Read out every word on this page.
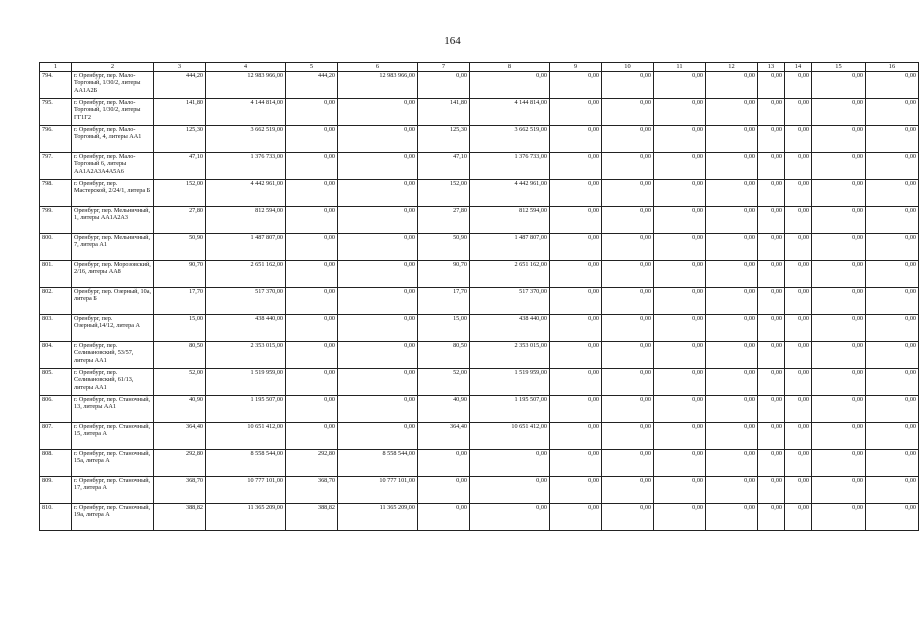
164
1	2	3	4	5	6	7	8	9	10	11	12	13	14	15	16
794.	г. Оренбург, пер. Мало-Торговый, 1/30/2, литеры АА1А2Б	444,20	12 983 966,00	444,20	12 983 966,00	0,00	0,00	0,00	0,00	0,00	0,00	0,00	0,00	0,00	0,00
795.	г. Оренбург, пер. Мало-Торговый, 1/30/2, литеры ГГ1Г2	141,80	4 144 814,00	0,00	0,00	141,80	4 144 814,00	0,00	0,00	0,00	0,00	0,00	0,00	0,00	0,00
796.	г. Оренбург, пер. Мало-Торговый, 4, литеры АА1	125,30	3 662 519,00	0,00	0,00	125,30	3 662 519,00	0,00	0,00	0,00	0,00	0,00	0,00	0,00	0,00
797.	г. Оренбург, пер. Мало-Торговый 6, литеры АА1А2А3А4А5А6	47,10	1 376 733,00	0,00	0,00	47,10	1 376 733,00	0,00	0,00	0,00	0,00	0,00	0,00	0,00	0,00
798.	г. Оренбург, пер. Мастерской, 2/24/1, литера Б	152,00	4 442 961,00	0,00	0,00	152,00	4 442 961,00	0,00	0,00	0,00	0,00	0,00	0,00	0,00	0,00
799.	Оренбург, пер. Мельничный, 1, литеры АА1А2А3	27,80	812 594,00	0,00	0,00	27,80	812 594,00	0,00	0,00	0,00	0,00	0,00	0,00	0,00	0,00
800.	Оренбург, пер. Мельничный, 7, литера А1	50,90	1 487 807,00	0,00	0,00	50,90	1 487 807,00	0,00	0,00	0,00	0,00	0,00	0,00	0,00	0,00
801.	Оренбург, пер. Морозовский, 2/16, литеры АА8	90,70	2 651 162,00	0,00	0,00	90,70	2 651 162,00	0,00	0,00	0,00	0,00	0,00	0,00	0,00	0,00
802.	Оренбург, пер. Озерный, 10а, литера Б	17,70	517 370,00	0,00	0,00	17,70	517 370,00	0,00	0,00	0,00	0,00	0,00	0,00	0,00	0,00
803.	Оренбург, пер. Озерный,14/12, литера А	15,00	438 440,00	0,00	0,00	15,00	438 440,00	0,00	0,00	0,00	0,00	0,00	0,00	0,00	0,00
804.	г. Оренбург, пер. Селивановский, 53/57, литеры АА1	80,50	2 353 015,00	0,00	0,00	80,50	2 353 015,00	0,00	0,00	0,00	0,00	0,00	0,00	0,00	0,00
805.	г. Оренбург, пер. Селивановский, 61/13, литеры АА1	52,00	1 519 959,00	0,00	0,00	52,00	1 519 959,00	0,00	0,00	0,00	0,00	0,00	0,00	0,00	0,00
806.	г. Оренбург, пер. Станочный, 13, литеры АА1	40,90	1 195 507,00	0,00	0,00	40,90	1 195 507,00	0,00	0,00	0,00	0,00	0,00	0,00	0,00	0,00
807.	г. Оренбург, пер. Станочный, 15, литера А	364,40	10 651 412,00	0,00	0,00	364,40	10 651 412,00	0,00	0,00	0,00	0,00	0,00	0,00	0,00	0,00
808.	г. Оренбург, пер. Станочный, 15а, литера А	292,80	8 558 544,00	292,80	8 558 544,00	0,00	0,00	0,00	0,00	0,00	0,00	0,00	0,00	0,00	0,00
809.	г. Оренбург, пер. Станочный, 17, литера А	368,70	10 777 101,00	368,70	10 777 101,00	0,00	0,00	0,00	0,00	0,00	0,00	0,00	0,00	0,00	0,00
810.	г. Оренбург, пер. Станочный, 19а, литера А	388,82	11 365 209,00	388,82	11 365 209,00	0,00	0,00	0,00	0,00	0,00	0,00	0,00	0,00	0,00	0,00
